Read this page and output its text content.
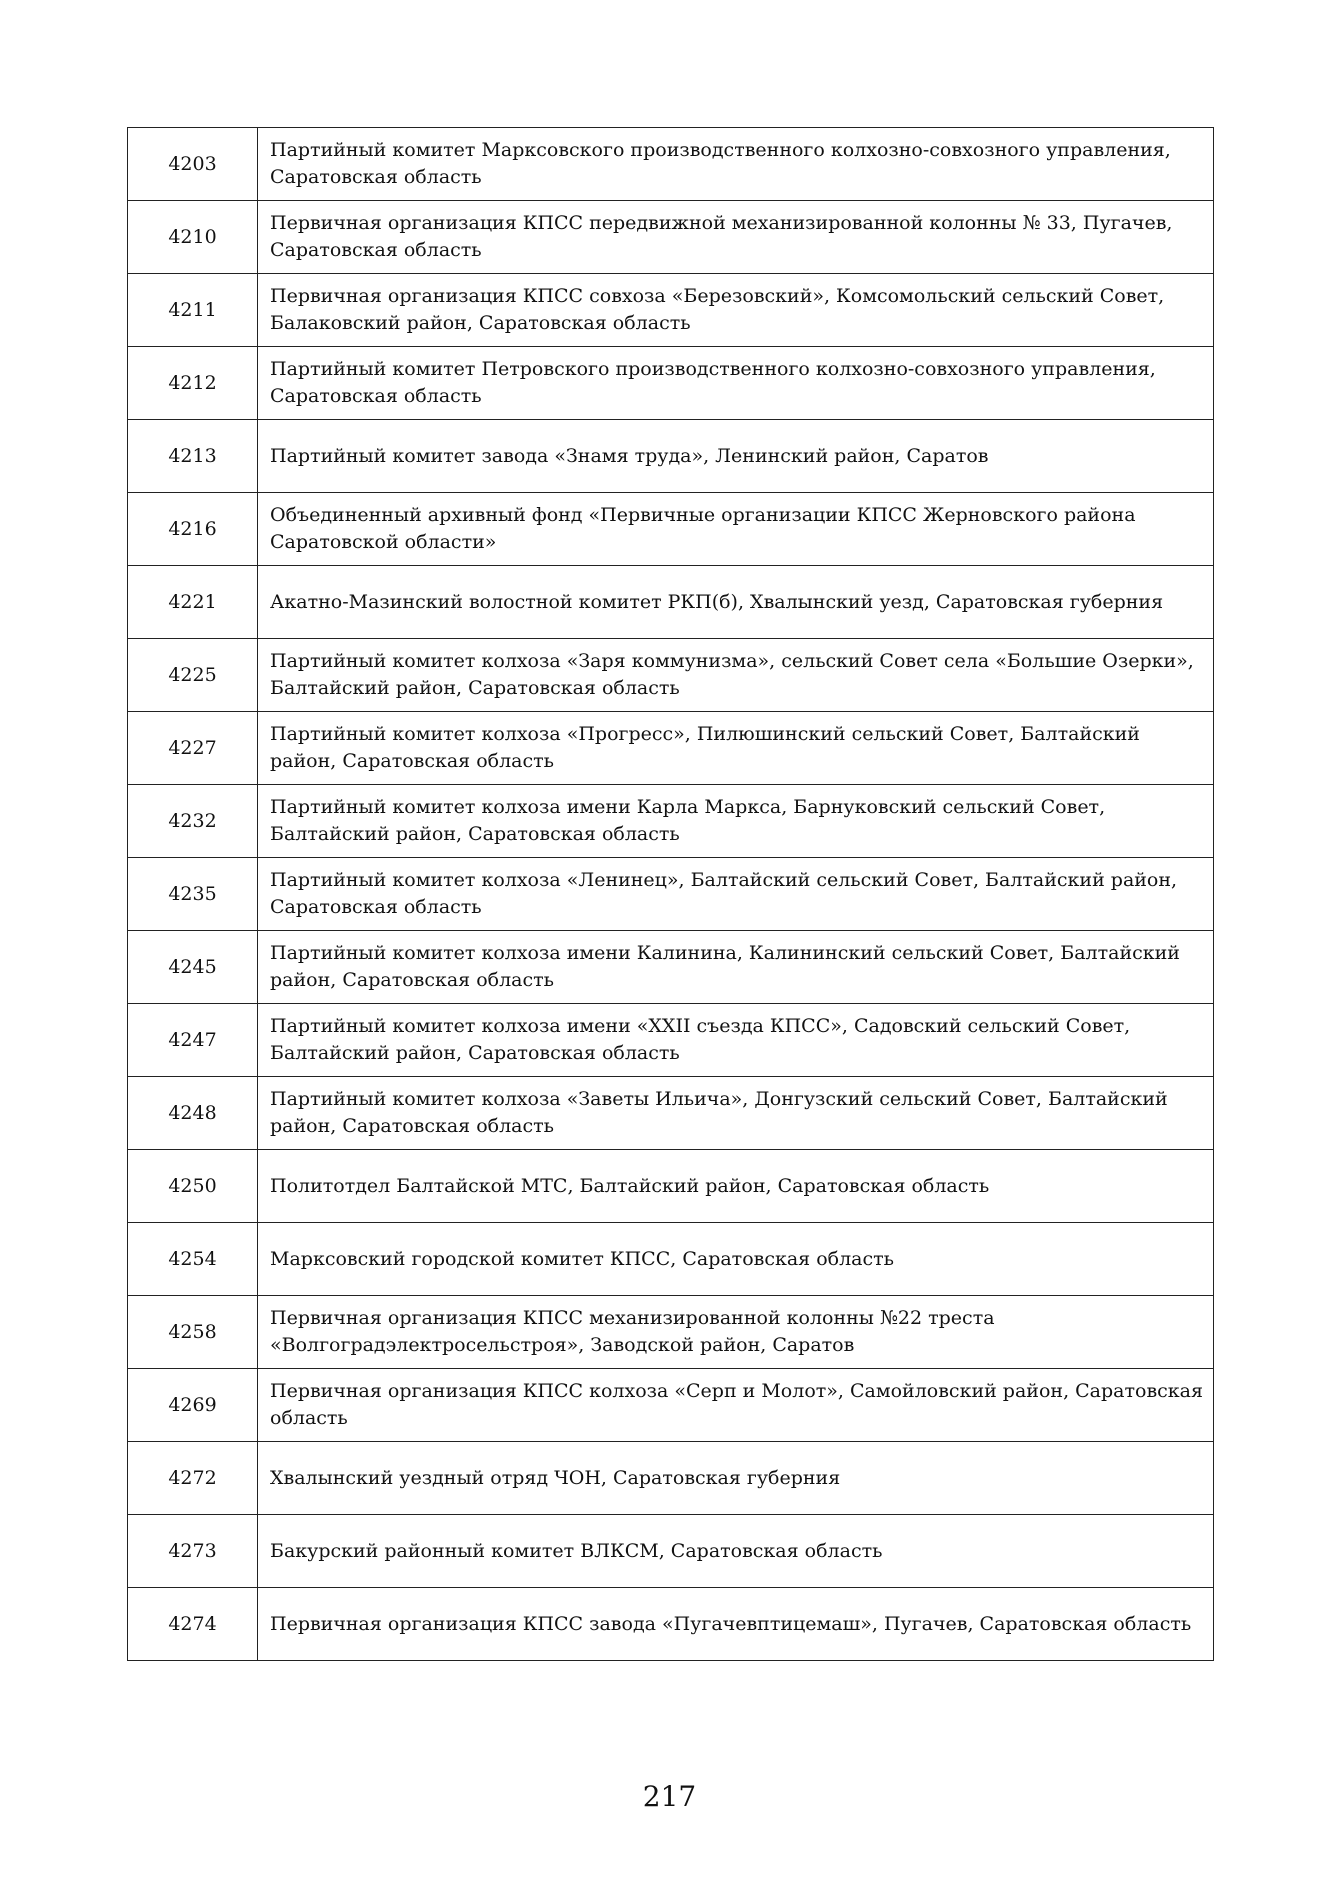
4203	Партийный комитет Марксовского производственного колхозно-совхозного управления, Саратовская область
4210	Первичная организация КПСС передвижной механизированной колонны № 33, Пугачев, Саратовская область
4211	Первичная организация КПСС совхоза «Березовский», Комсомольский сельский Совет, Балаковский район, Саратовская область
4212	Партийный комитет Петровского производственного колхозно-совхозного управления, Саратовская область
4213	Партийный комитет завода «Знамя труда», Ленинский район, Саратов
4216	Объединенный архивный фонд «Первичные организации КПСС Жерновского района Саратовской области»
4221	Акатно-Мазинский волостной комитет РКП(б), Хвалынский уезд, Саратовская губерния
4225	Партийный комитет колхоза «Заря коммунизма», сельский Совет села «Большие Озерки», Балтайский район, Саратовская область
4227	Партийный комитет колхоза «Прогресс», Пилюшинский сельский Совет, Балтайский район, Саратовская область
4232	Партийный комитет колхоза имени Карла Маркса, Барнуковский сельский Совет, Балтайский район, Саратовская область
4235	Партийный комитет колхоза «Ленинец», Балтайский сельский Совет, Балтайский район, Саратовская область
4245	Партийный комитет колхоза имени Калинина, Калининский сельский Совет, Балтайский район, Саратовская область
4247	Партийный комитет колхоза имени «XXII съезда КПСС», Садовский сельский Совет, Балтайский район, Саратовская область
4248	Партийный комитет колхоза «Заветы Ильича», Донгузский сельский Совет, Балтайский район, Саратовская область
4250	Политотдел Балтайской МТС, Балтайский район, Саратовская область
4254	Марксовский городской комитет КПСС, Саратовская область
4258	Первичная организация КПСС механизированной колонны №22 треста «Волгоградэлектросельстроя», Заводской район, Саратов
4269	Первичная организация КПСС колхоза «Серп и Молот», Самойловский район, Саратовская область
4272	Хвалынский уездный отряд ЧОН, Саратовская губерния
4273	Бакурский районный комитет ВЛКСМ, Саратовская область
4274	Первичная организация КПСС завода «Пугачевптицемаш», Пугачев, Саратовская область
217
